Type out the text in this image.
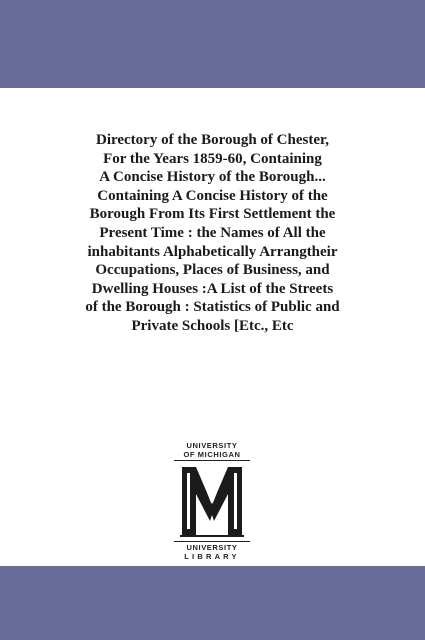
Directory of the Borough of Chester,
For the Years 1859-60, Containing
A Concise History of the Borough...
Containing A Concise History of the
Borough From Its First Settlement the
Present Time : the Names of All the
inhabitants Alphabetically Arrangtheir
Occupations, Places of Business, and
Dwelling Houses :A List of the Streets
of the Borough : Statistics of Public and
Private Schools [Etc., Etc
UNIVERSITY
OF MICHIGAN
UNIVERSITY
LIBRARY
